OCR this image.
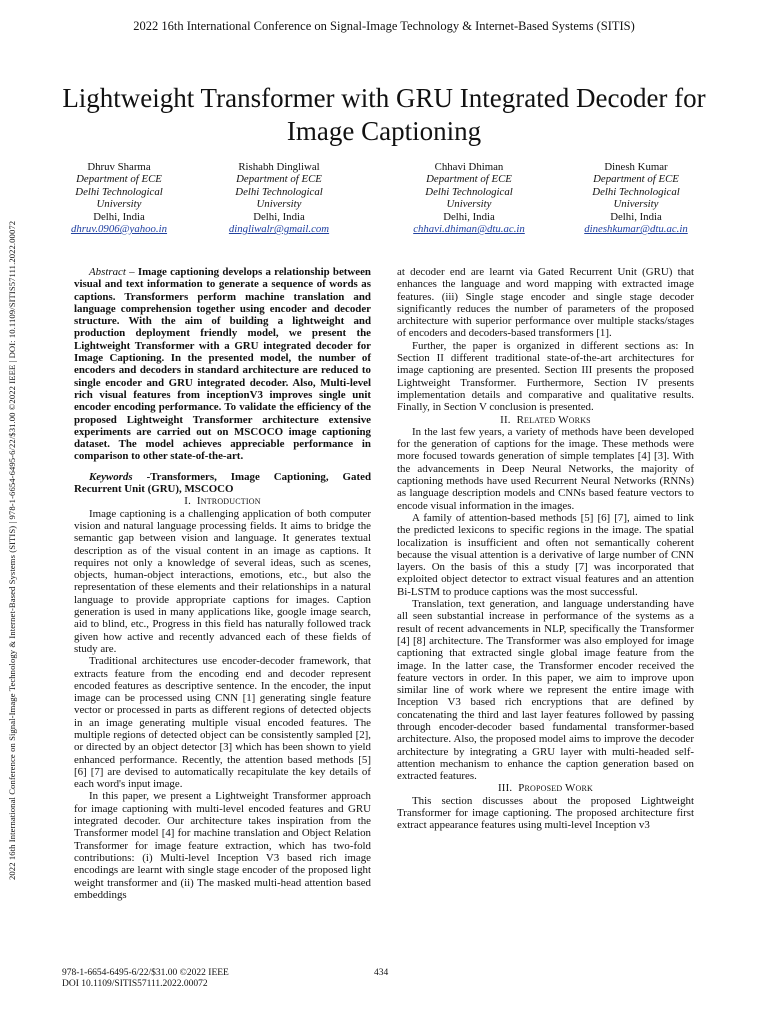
2022 16th International Conference on Signal-Image Technology & Internet-Based Systems (SITIS)
2022 16th International Conference on Signal-Image Technology & Internet-Based Systems (SITIS) | 978-1-6654-6495-6/22/$31.00 ©2022 IEEE | DOI: 10.1109/SITIS57111.2022.00072
Lightweight Transformer with GRU Integrated Decoder for Image Captioning
Dhruv Sharma
Department of ECE
Delhi Technological
University
Delhi, India
dhruv.0906@yahoo.in
Rishabh Dingliwal
Department of ECE
Delhi Technological
University
Delhi, India
dingliwalr@gmail.com
Chhavi Dhiman
Department of ECE
Delhi Technological
University
Delhi, India
chhavi.dhiman@dtu.ac.in
Dinesh Kumar
Department of ECE
Delhi Technological
University
Delhi, India
dineshkumar@dtu.ac.in

Abstract – Image captioning develops a relationship between visual and text information to generate a sequence of words as captions. Transformers perform machine translation and language comprehension together using encoder and decoder structure. With the aim of building a lightweight and production deployment friendly model, we present the Lightweight Transformer with a GRU integrated decoder for Image Captioning. In the presented model, the number of encoders and decoders in standard architecture are reduced to single encoder and GRU integrated decoder. Also, Multi-level rich visual features from inceptionV3 improves single unit encoder encoding performance. To validate the efficiency of the proposed Lightweight Transformer architecture extensive experiments are carried out on MSCOCO image captioning dataset. The model achieves appreciable performance in comparison to other state-of-the-art.

Keywords -Transformers, Image Captioning, Gated Recurrent Unit (GRU), MSCOCO

I. Introduction

Image captioning is a challenging application of both computer vision and natural language processing fields. It aims to bridge the semantic gap between vision and language. It generates textual description as of the visual content in an image as captions. It requires not only a knowledge of several ideas, such as scenes, objects, human-object interactions, emotions, etc., but also the representation of these elements and their relationships in a natural language to provide appropriate captions for images. Caption generation is used in many applications like, google image search, aid to blind, etc., Progress in this field has naturally followed track given how active and recently advanced each of these fields of study are.

Traditional architectures use encoder-decoder framework, that extracts feature from the encoding end and decoder represent encoded features as descriptive sentence. In the encoder, the input image can be processed using CNN [1] generating single feature vector or processed in parts as different regions of detected objects in an image generating multiple visual encoded features. The multiple regions of detected object can be consistently sampled [2], or directed by an object detector [3] which has been shown to yield enhanced performance. Recently, the attention based methods [5] [6] [7] are devised to automatically recapitulate the key details of each word's input image.

In this paper, we present a Lightweight Transformer approach for image captioning with multi-level encoded features and GRU integrated decoder. Our architecture takes inspiration from the Transformer model [4] for machine translation and Object Relation Transformer for image feature extraction, which has two-fold contributions: (i) Multi-level Inception V3 based rich image encodings are learnt with single stage encoder of the proposed light weight transformer and (ii) The masked multi-head attention based embeddings

at decoder end are learnt via Gated Recurrent Unit (GRU) that enhances the language and word mapping with extracted image features. (iii) Single stage encoder and single stage decoder significantly reduces the number of parameters of the proposed architecture with superior performance over multiple stacks/stages of encoders and decoders-based transformers [1].

Further, the paper is organized in different sections as: In Section II different traditional state-of-the-art architectures for image captioning are presented. Section III presents the proposed Lightweight Transformer. Furthermore, Section IV presents implementation details and comparative and qualitative results. Finally, in Section V conclusion is presented.

II. Related Works

In the last few years, a variety of methods have been developed for the generation of captions for the image. These methods were more focused towards generation of simple templates [4] [3]. With the advancements in Deep Neural Networks, the majority of captioning methods have used Recurrent Neural Networks (RNNs) as language description models and CNNs based feature vectors to encode visual information in the images.

A family of attention-based methods [5] [6] [7], aimed to link the predicted lexicons to specific regions in the image. The spatial localization is insufficient and often not semantically coherent because the visual attention is a derivative of large number of CNN layers. On the basis of this a study [7] was incorporated that exploited object detector to extract visual features and an attention Bi-LSTM to produce captions was the most successful.

Translation, text generation, and language understanding have all seen substantial increase in performance of the systems as a result of recent advancements in NLP, specifically the Transformer [4] [8] architecture. The Transformer was also employed for image captioning that extracted single global image feature from the image. In the latter case, the Transformer encoder received the feature vectors in order. In this paper, we aim to improve upon similar line of work where we represent the entire image with Inception V3 based rich encryptions that are defined by concatenating the third and last layer features followed by passing through encoder-decoder based fundamental transformer-based architecture. Also, the proposed model aims to improve the decoder architecture by integrating a GRU layer with multi-headed self-attention mechanism to enhance the caption generation based on extracted features.

III. Proposed Work

This section discusses about the proposed Lightweight Transformer for image captioning. The proposed architecture first extract appearance features using multi-level Inception v3

978-1-6654-6495-6/22/$31.00 ©2022 IEEE
DOI 10.1109/SITIS57111.2022.00072
434
